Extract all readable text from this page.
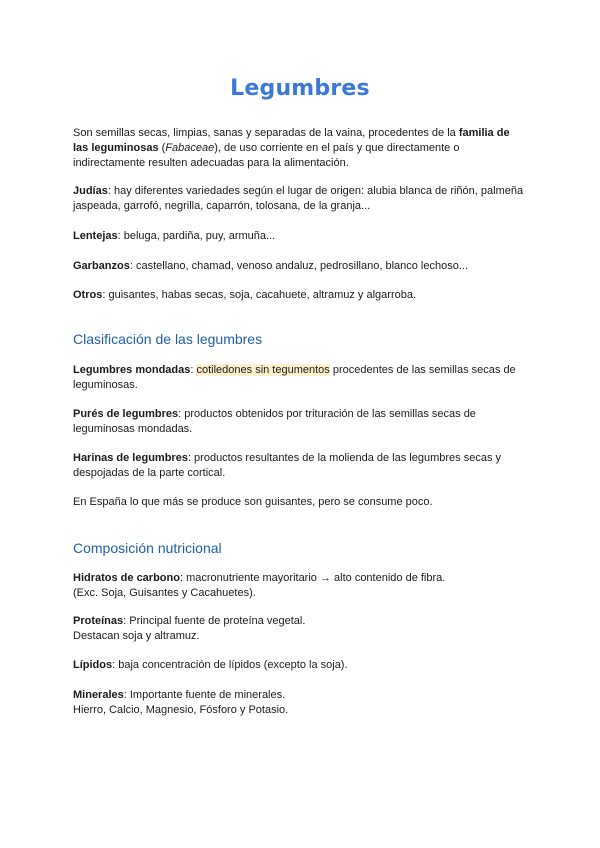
Legumbres
Son semillas secas, limpias, sanas y separadas de la vaina, procedentes de la familia de
las leguminosas (Fabaceae), de uso corriente en el país y que directamente o
indirectamente resulten adecuadas para la alimentación.
Judías: hay diferentes variedades según el lugar de origen: alubia blanca de riñón, palmeña
jaspeada, garrofó, negrilla, caparrón, tolosana, de la granja...
Lentejas: beluga, pardiña, puy, armuña...
Garbanzos: castellano, chamad, venoso andaluz, pedrosillano, blanco lechoso...
Otros: guisantes, habas secas, soja, cacahuete, altramuz y algarroba.
Clasificación de las legumbres
Legumbres mondadas: cotiledones sin tegumentos procedentes de las semillas secas de
leguminosas.
Purés de legumbres: productos obtenidos por trituración de las semillas secas de
leguminosas mondadas.
Harinas de legumbres: productos resultantes de la molienda de las legumbres secas y
despojadas de la parte cortical.
En España lo que más se produce son guisantes, pero se consume poco.
Composición nutricional
Hidratos de carbono: macronutriente mayoritario → alto contenido de fibra.
(Exc. Soja, Guisantes y Cacahuetes).
Proteínas: Principal fuente de proteína vegetal.
Destacan soja y altramuz.
Lípidos: baja concentración de lípidos (excepto la soja).
Minerales: Importante fuente de minerales.
Hierro, Calcio, Magnesio, Fósforo y Potasio.
